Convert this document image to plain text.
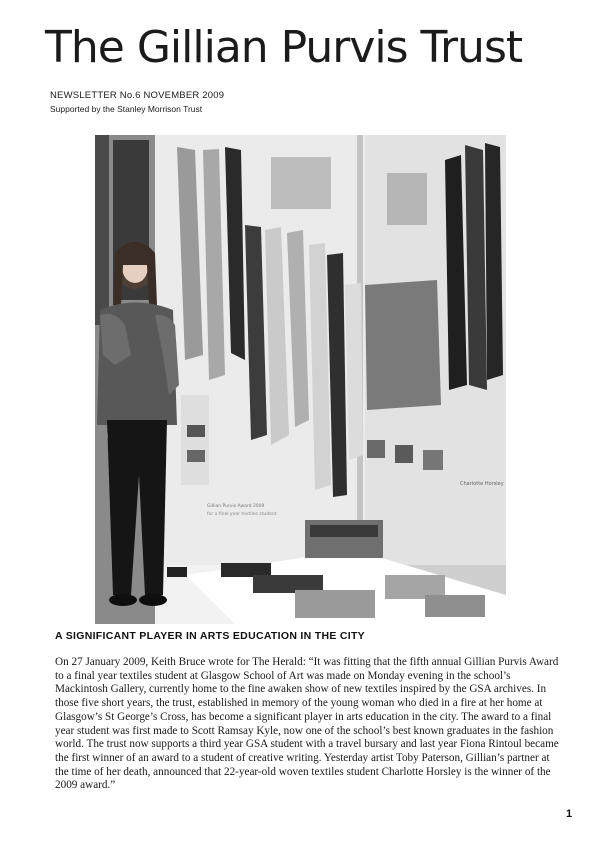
The Gillian Purvis Trust

NEWSLETTER No.6 NOVEMBER 2009

Supported by the Stanley Morrison Trust

Charlotte Horsley
Gillian Purvis Award 2009
for a final year textiles student
A SIGNIFICANT PLAYER IN ARTS EDUCATION IN THE CITY

On 27 January 2009, Keith Bruce wrote for The Herald: “It was fitting that the fifth annual Gillian Purvis Award to a final year textiles student at Glasgow School of Art was made on Monday evening in the school’s Mackintosh Gallery, currently home to the fine awaken show of new textiles inspired by the GSA archives. In those five short years, the trust, established in memory of the young woman who died in a fire at her home at Glasgow’s St George’s Cross, has become a significant player in arts education in the city. The award to a final year student was first made to Scott Ramsay Kyle, now one of the school’s best known graduates in the fashion world. The trust now supports a third year GSA student with a travel bursary and last year Fiona Rintoul became the first winner of an award to a student of creative writing. Yesterday artist Toby Paterson, Gillian’s partner at the time of her death, announced that 22-year-old woven textiles student Charlotte Horsley is the winner of the 2009 award.”

1
